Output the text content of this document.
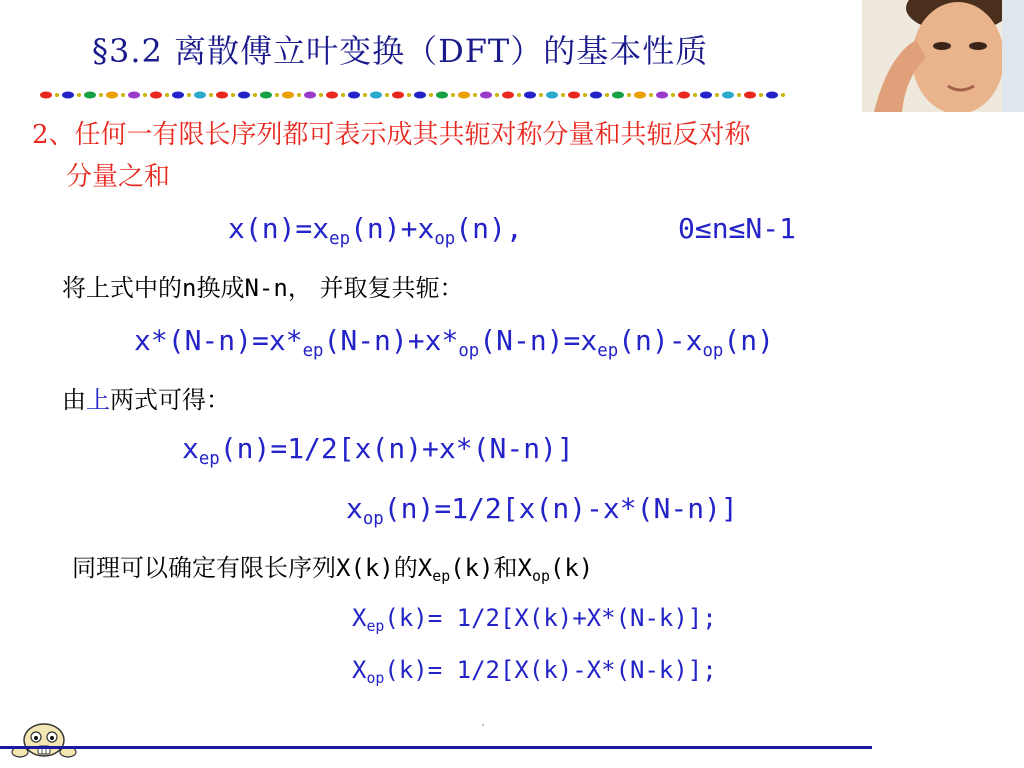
§3.2 离散傅立叶变换（DFT）的基本性质
2、任何一有限长序列都可表示成其共轭对称分量和共轭反对称
分量之和
$x(n)=x_{ep}(n)+x_{op}(n)$,	0≤n≤N-1
将上式中的n换成N-n， 并取复共轭：
$x*(N-n)=x*_{ep}(N-n)+x*_{op}(N-n)=x_{ep}(n)-x_{op}(n)$
由上两式可得：
$x_{ep}(n)=1/2[x(n)+x*(N-n)]$
$x_{op}(n)=1/2[x(n)-x*(N-n)]$
同理可以确定有限长序列X(k)的$X_{ep}(k)$和$X_{op}(k)$
$X_{ep}(k)= 1/2[X(k)+X*(N-k)]$;
$X_{op}(k)= 1/2[X(k)-X*(N-k)]$;
